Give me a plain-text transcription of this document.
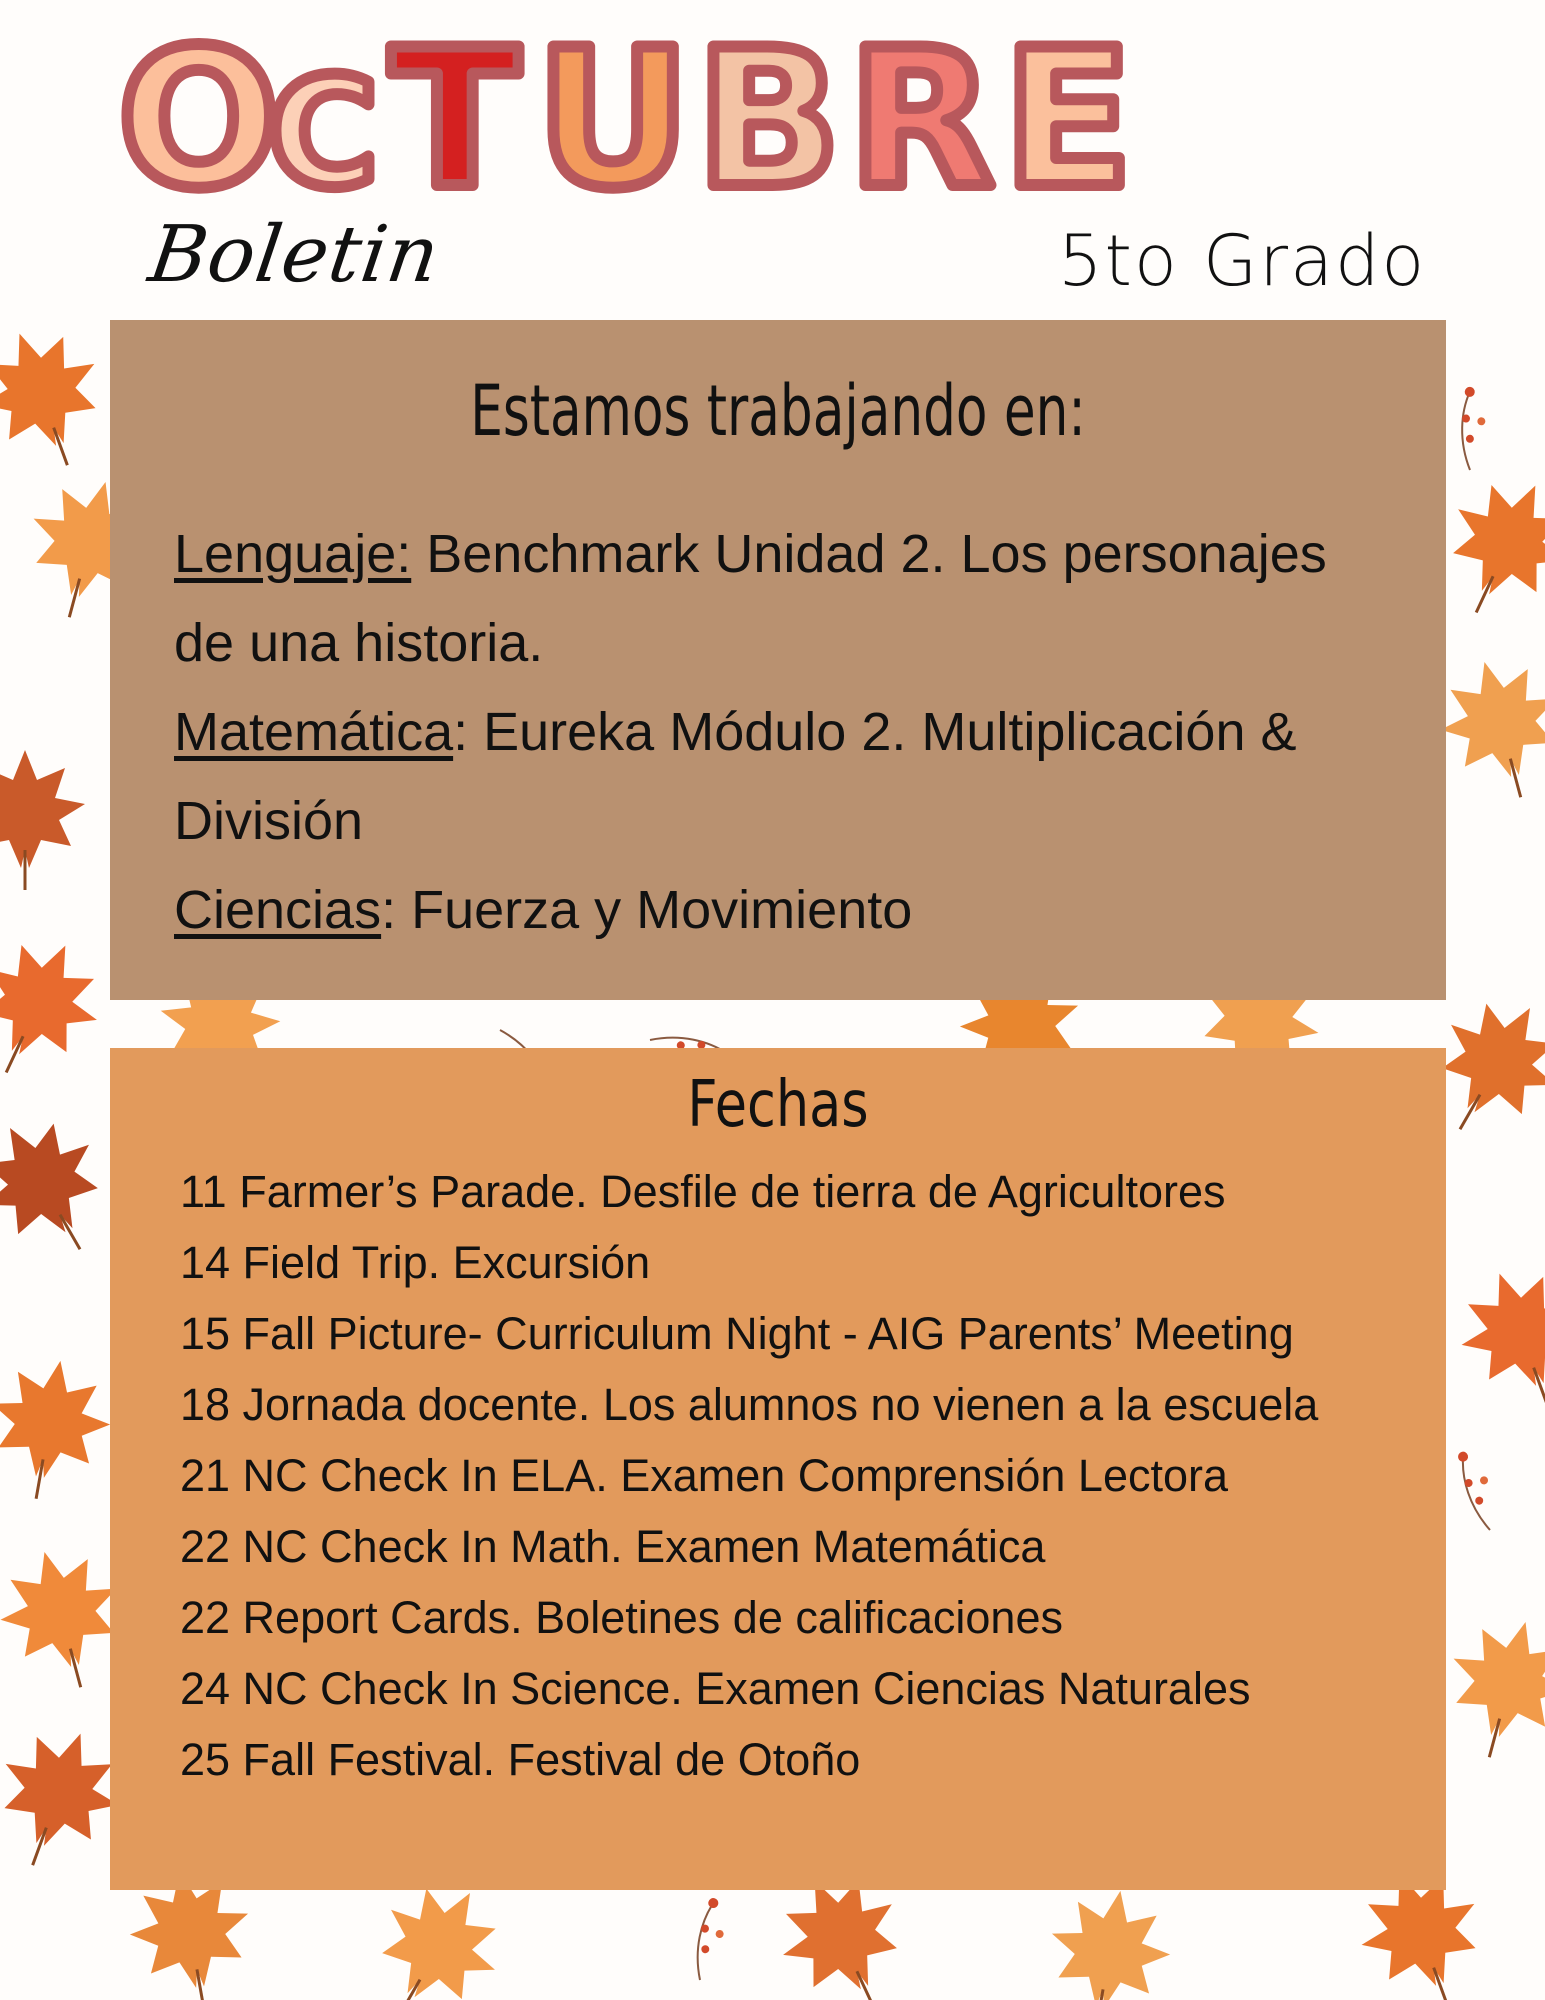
O
C T U B R E
Boletin	5to Grado
Estamos trabajando en:
Lenguaje: Benchmark Unidad 2. Los personajes de una historia.
Matemática: Eureka Módulo 2. Multiplicación & División
Ciencias: Fuerza y Movimiento
Fechas
11 Farmer’s Parade. Desfile de tierra de Agricultores
14 Field Trip. Excursión
15 Fall Picture- Curriculum Night - AIG Parents’ Meeting
18 Jornada docente. Los alumnos no vienen a la escuela
21 NC Check In ELA. Examen Comprensión Lectora
22 NC Check In Math. Examen Matemática
22 Report Cards. Boletines de calificaciones
24 NC Check In Science. Examen Ciencias Naturales
25 Fall Festival. Festival de Otoño
